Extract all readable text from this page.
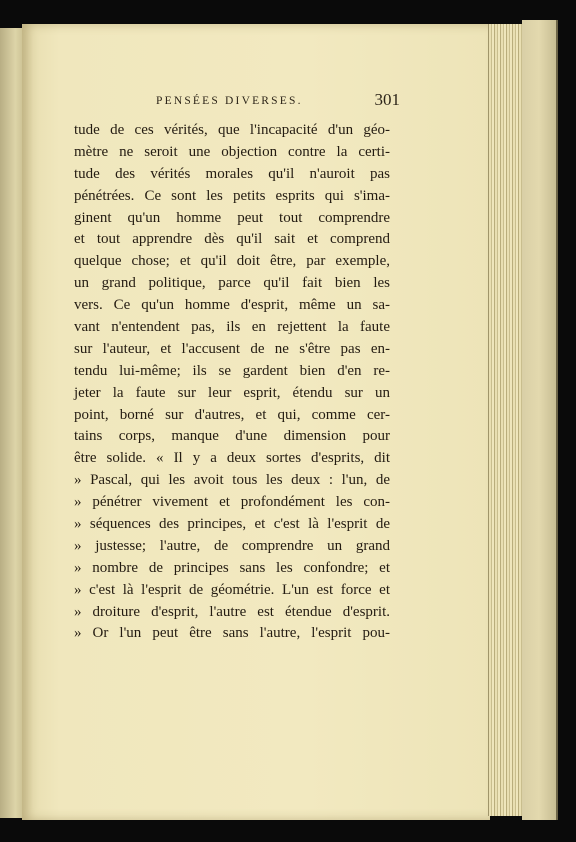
PENSÉES DIVERSES.	301
tude de ces vérités, que l'incapacité d'un géo-
mètre ne seroit une objection contre la certi-
tude des vérités morales qu'il n'auroit pas
pénétrées. Ce sont les petits esprits qui s'ima-
ginent qu'un homme peut tout comprendre
et tout apprendre dès qu'il sait et comprend
quelque chose; et qu'il doit être, par exemple,
un grand politique, parce qu'il fait bien les
vers. Ce qu'un homme d'esprit, même un sa-
vant n'entendent pas, ils en rejettent la faute
sur l'auteur, et l'accusent de ne s'être pas en-
tendu lui-même; ils se gardent bien d'en re-
jeter la faute sur leur esprit, étendu sur un
point, borné sur d'autres, et qui, comme cer-
tains corps, manque d'une dimension pour
être solide. « Il y a deux sortes d'esprits, dit
» Pascal, qui les avoit tous les deux : l'un, de
» pénétrer vivement et profondément les con-
» séquences des principes, et c'est là l'esprit de
» justesse; l'autre, de comprendre un grand
» nombre de principes sans les confondre; et
» c'est là l'esprit de géométrie. L'un est force et
» droiture d'esprit, l'autre est étendue d'esprit.
» Or l'un peut être sans l'autre, l'esprit pou-
